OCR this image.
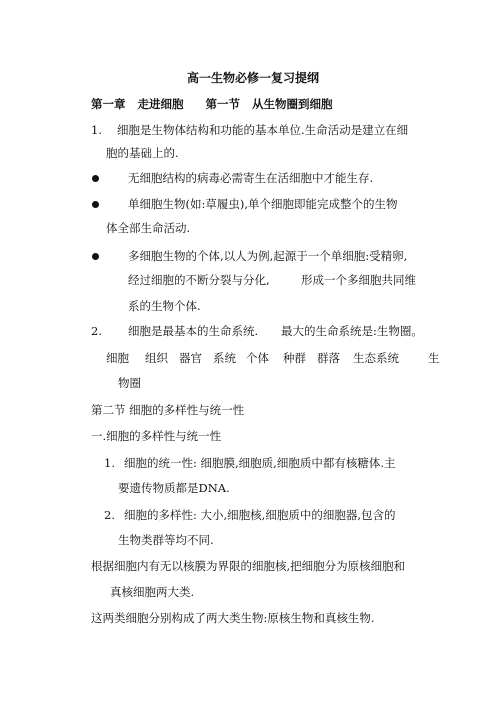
高一生物必修一复习提纲
第一章 走进细胞 第一节 从生物圈到细胞
1. 细胞是生物体结构和功能的基本单位.生命活动是建立在细
胞的基础上的.
无细胞结构的病毒必需寄生在活细胞中才能生存.
单细胞生物(如:草履虫),单个细胞即能完成整个的生物
体全部生命活动.
多细胞生物的个体,以人为例,起源于一个单细胞:受精卵,
经过细胞的不断分裂与分化,	形成一个多细胞共同维
系的生物个体.
2. 细胞是最基本的生命系统. 最大的生命系统是:生物圈。
细胞 组织 器官 系统 个体 种群 群落 生态系统	生
物圈
第二节 细胞的多样性与统一性
一.细胞的多样性与统一性
1. 细胞的统一性: 细胞膜,细胞质,细胞质中都有核糖体.主
要遗传物质都是DNA.
2. 细胞的多样性: 大小,细胞核,细胞质中的细胞器,包含的
生物类群等均不同.
根据细胞内有无以核膜为界限的细胞核,把细胞分为原核细胞和
真核细胞两大类.
这两类细胞分别构成了两大类生物:原核生物和真核生物.
